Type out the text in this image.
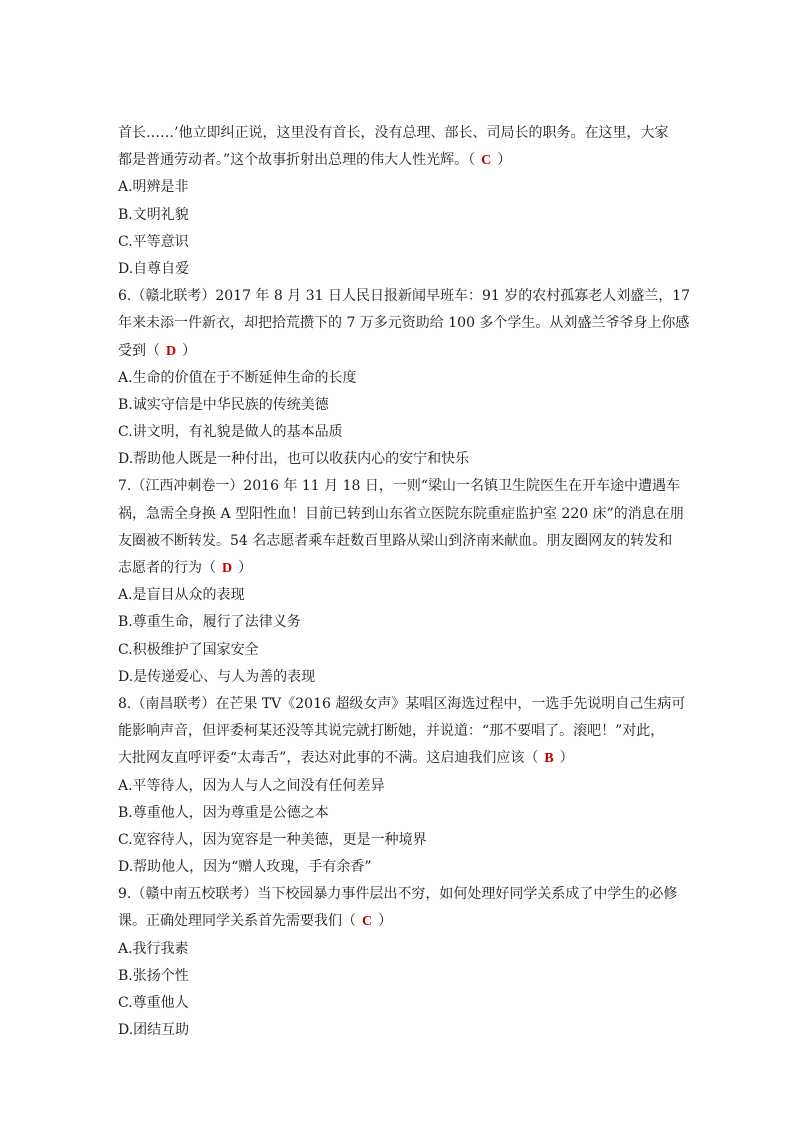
首长……’他立即纠正说，这里没有首长，没有总理、部长、司局长的职务。在这里，大家
都是普通劳动者。”这个故事折射出总理的伟大人性光辉。（ C ）
A.明辨是非
B.文明礼貌
C.平等意识
D.自尊自爱
6.（赣北联考）2017 年 8 月 31 日人民日报新闻早班车：91 岁的农村孤寡老人刘盛兰，17
年来未添一件新衣，却把拾荒攒下的 7 万多元资助给 100 多个学生。从刘盛兰爷爷身上你感
受到（ D ）
A.生命的价值在于不断延伸生命的长度
B.诚实守信是中华民族的传统美德
C.讲文明，有礼貌是做人的基本品质
D.帮助他人既是一种付出，也可以收获内心的安宁和快乐
7.（江西冲刺卷一）2016 年 11 月 18 日，一则“梁山一名镇卫生院医生在开车途中遭遇车
祸，急需全身换 A 型阳性血！目前已转到山东省立医院东院重症监护室 220 床”的消息在朋
友圈被不断转发。54 名志愿者乘车赶数百里路从梁山到济南来献血。朋友圈网友的转发和
志愿者的行为（ D ）
A.是盲目从众的表现
B.尊重生命，履行了法律义务
C.积极维护了国家安全
D.是传递爱心、与人为善的表现
8.（南昌联考）在芒果 TV《2016 超级女声》某唱区海选过程中，一选手先说明自己生病可
能影响声音，但评委柯某还没等其说完就打断她，并说道：“那不要唱了。滚吧！”对此，
大批网友直呼评委“太毒舌”，表达对此事的不满。这启迪我们应该（ B ）
A.平等待人，因为人与人之间没有任何差异
B.尊重他人，因为尊重是公德之本
C.宽容待人，因为宽容是一种美德，更是一种境界
D.帮助他人，因为“赠人玫瑰，手有余香”
9.（赣中南五校联考）当下校园暴力事件层出不穷，如何处理好同学关系成了中学生的必修
课。正确处理同学关系首先需要我们（ C ）
A.我行我素
B.张扬个性
C.尊重他人
D.团结互助
